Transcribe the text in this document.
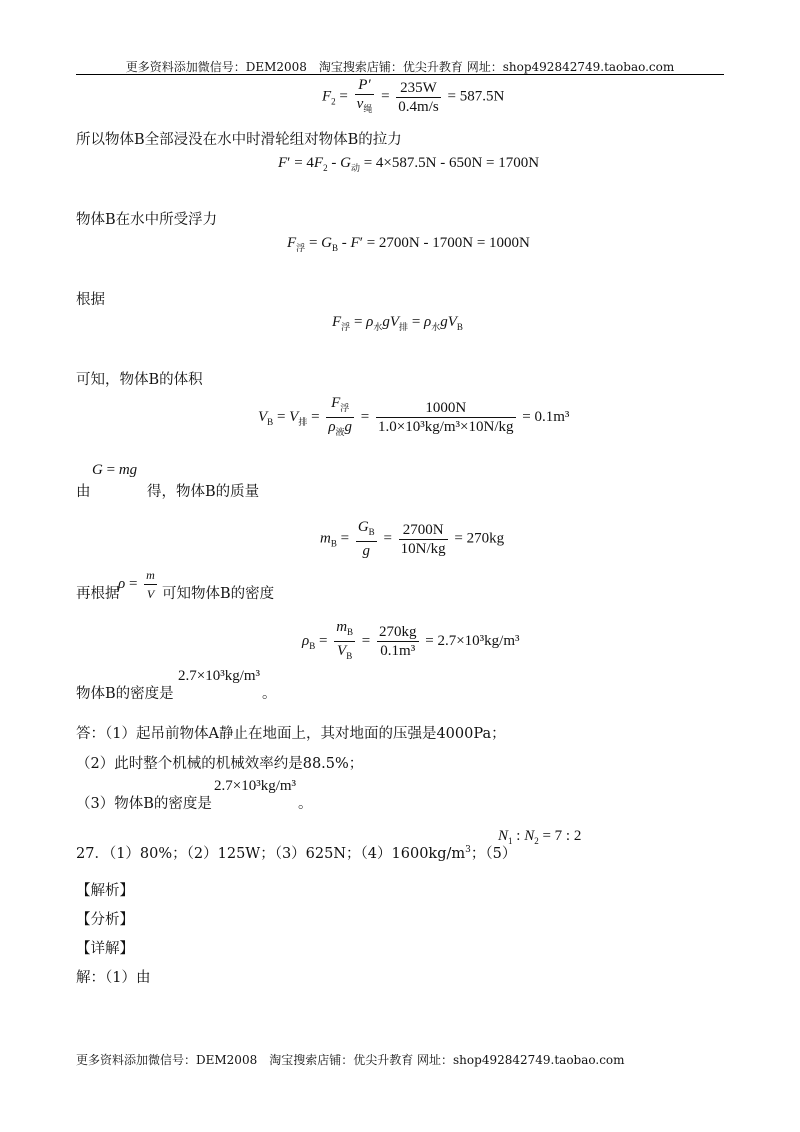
更多资料添加微信号：DEM2008　淘宝搜索店铺：优尖升教育 网址：shop492842749.taobao.com
$F_2 = \frac{P'}{v_绳} = \frac{235W}{0.4m/s} = 587.5N$
所以物体B全部浸没在水中时滑轮组对物体B的拉力
$F' = 4F_2 - G_动 = 4\times 587.5N - 650N = 1700N$
物体B在水中所受浮力
$F_浮 = G_B - F' = 2700N - 1700N = 1000N$
根据
$F_浮 = \rho_水gV_排 = \rho_水gV_B$
可知，物体B的体积
$V_B = V_排 = \frac{F_浮}{\rho_液g} = \frac{1000N}{\text{1.0×10³kg/m³×10N/kg}} = 0.1m^3$
G = mg
由	得，物体B的质量
$m_B = \frac{G_B}{g} = \frac{2700N}{10N/kg} = 270kg$
再根据
$\rho = \frac{m}{V}$ 可知物体B的密度
$\rho_B = \frac{m_B}{V_B} = \frac{270kg}{\text{0.1m³}} = 2.7\times 10^3kg/m^3$
物体B的密度是
2.7×10³kg/m³
。
答：（1）起吊前物体A静止在地面上，其对地面的压强是4000Pa；
（2）此时整个机械的机械效率约是88.5%；
（3）物体B的密度是
2.7×10³kg/m³
。
27．（1）80%；（2）125W；（3）625N；$(4)1600kg/m^3$；（5）
$N_1$ : $N_2 = 7$ : 2
【解析】
【分析】
【详解】
解：（1）由
更多资料添加微信号：DEM2008　淘宝搜索店铺：优尖升教育 网址：shop492842749.taobao.com
